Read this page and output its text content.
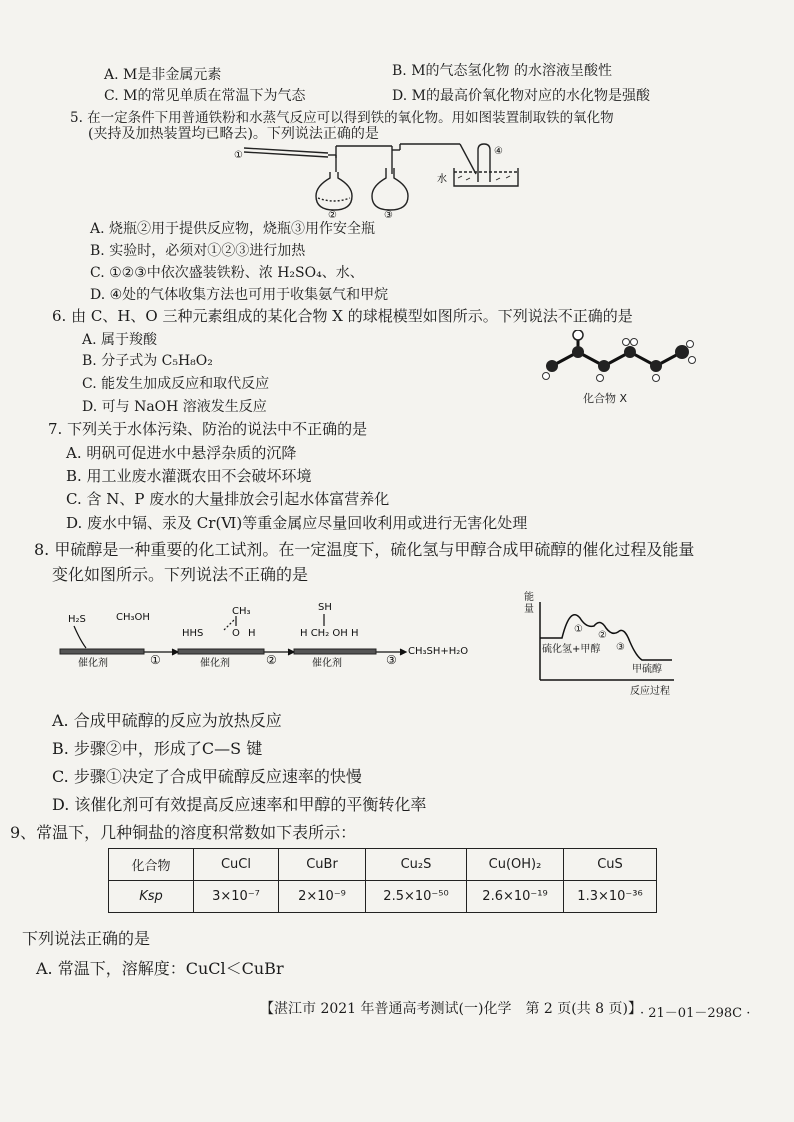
A. M是非金属元素	B. M的气态氢化物 的水溶液呈酸性
C. M的常见单质在常温下为气态	D. M的最高价氧化物对应的水化物是强酸
5. 在一定条件下用普通铁粉和水蒸气反应可以得到铁的氧化物。用如图装置制取铁的氧化物
(夹持及加热装置均已略去)。下列说法正确的是
①
②	③
④
水
A. 烧瓶②用于提供反应物，烧瓶③用作安全瓶
B. 实验时，必须对①②③进行加热
C. ①②③中依次盛装铁粉、浓 H₂SO₄、水、
D. ④处的气体收集方法也可用于收集氨气和甲烷
6. 由 C、H、O 三种元素组成的某化合物 X 的球棍模型如图所示。下列说法不正确的是
A. 属于羧酸
B. 分子式为 C₅H₈O₂
C. 能发生加成反应和取代反应
D. 可与 NaOH 溶液发生反应
化合物 X
7. 下列关于水体污染、防治的说法中不正确的是
A. 明矾可促进水中悬浮杂质的沉降
B. 用工业废水灌溉农田不会破坏环境
C. 含 N、P 废水的大量排放会引起水体富营养化
D. 废水中镉、汞及 Cr(Ⅵ)等重金属应尽量回收利用或进行无害化处理
8. 甲硫醇是一种重要的化工试剂。在一定温度下，硫化氢与甲醇合成甲硫醇的催化过程及能量
变化如图所示。下列说法不正确的是
H₂S	CH₃OH
HHS
CH₃
O H
SH
H CH₂ OH H
催化剂	催化剂	催化剂
①	②	③
CH₃SH+H₂O
能
量
硫化氢+甲醇
甲硫醇
反应过程
①
②
③
A. 合成甲硫醇的反应为放热反应
B. 步骤②中，形成了C—S 键
C. 步骤①决定了合成甲硫醇反应速率的快慢
D. 该催化剂可有效提高反应速率和甲醇的平衡转化率
9、常温下，几种铜盐的溶度积常数如下表所示：
化合物	CuCl	CuBr	Cu₂S	Cu(OH)₂	CuS
Ksp	3×10⁻⁷	2×10⁻⁹	2.5×10⁻⁵⁰	2.6×10⁻¹⁹	1.3×10⁻³⁶
下列说法正确的是
A. 常温下，溶解度：CuCl＜CuBr
【湛江市 2021 年普通高考测试(一)化学　第 2 页(共 8 页)】
· 21－01－298C ·
